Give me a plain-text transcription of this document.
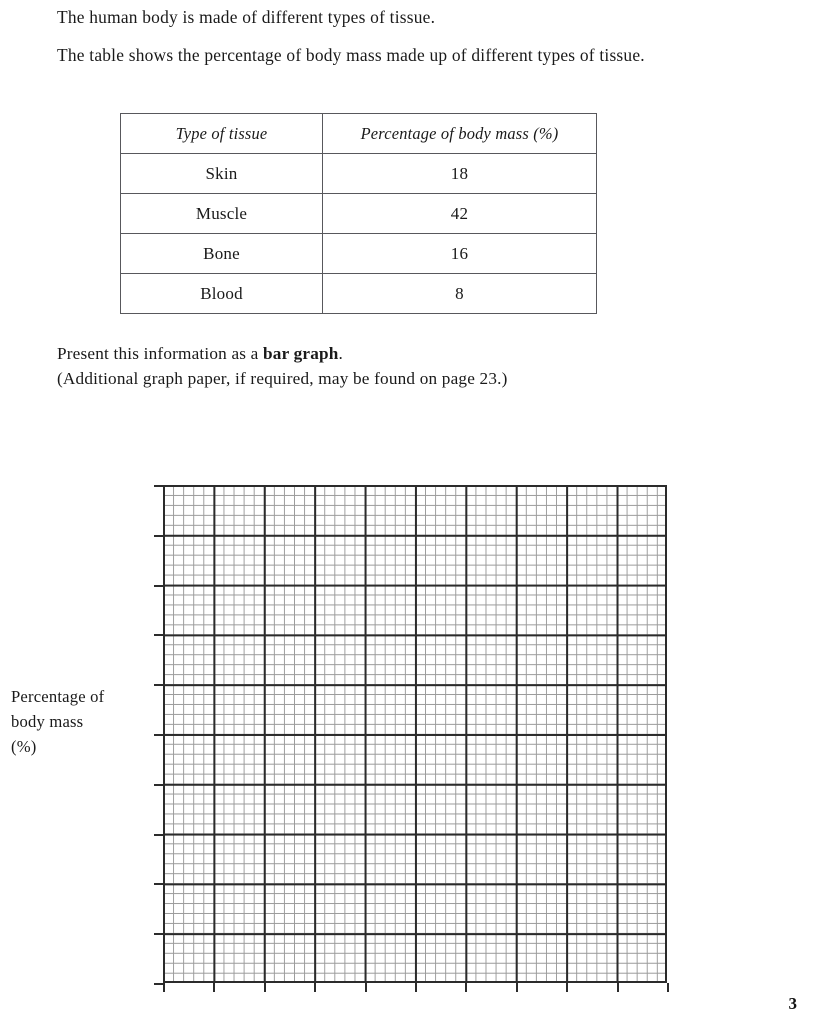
The human body is made of different types of tissue.

The table shows the percentage of body mass made up of different types of tissue.

Type of tissue	Percentage of body mass (%)
Skin	18
Muscle	42
Bone	16
Blood	8
Present this information as a bar graph.
(Additional graph paper, if required, may be found on page 23.)
Percentage of
body mass
(%)
3
